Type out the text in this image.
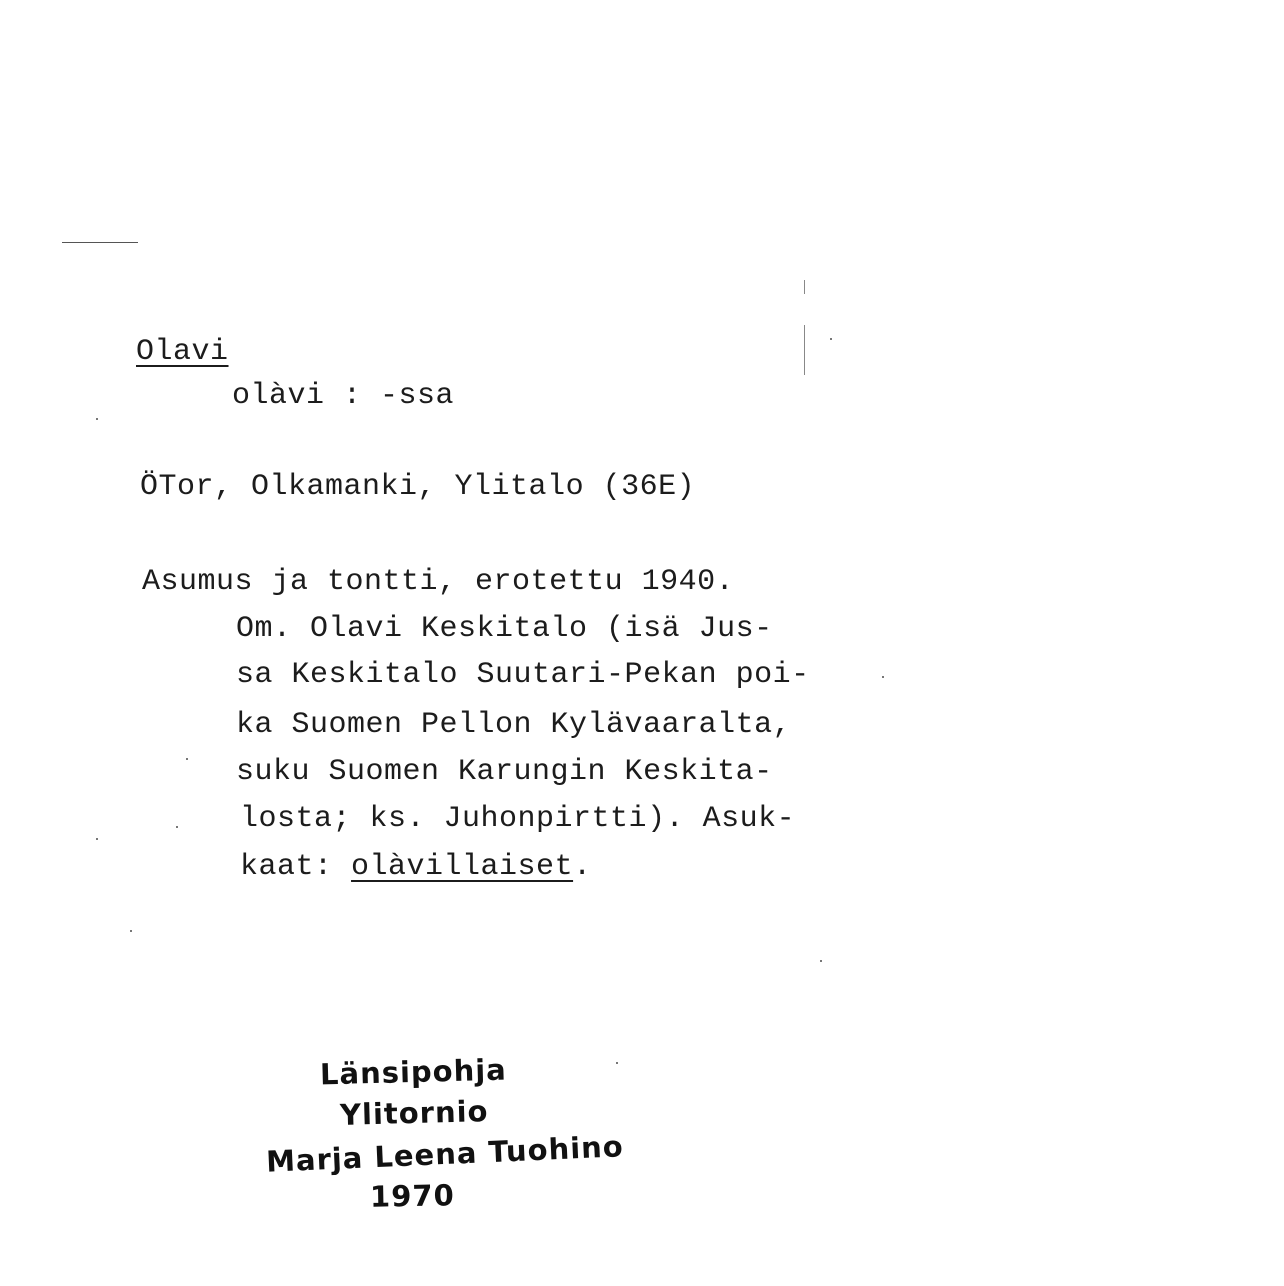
Olavi
olàvi : -ssa
ÖTor, Olkamanki, Ylitalo (36E)
Asumus ja tontti, erotettu 1940.
Om. Olavi Keskitalo (isä Jus-
sa Keskitalo Suutari-Pekan poi-
ka Suomen Pellon Kylävaaralta,
suku Suomen Karungin Keskita-
losta; ks. Juhonpirtti). Asuk-
kaat: olàvillaiset.
Länsipohja
Ylitornio
Marja Leena Tuohino
1970
